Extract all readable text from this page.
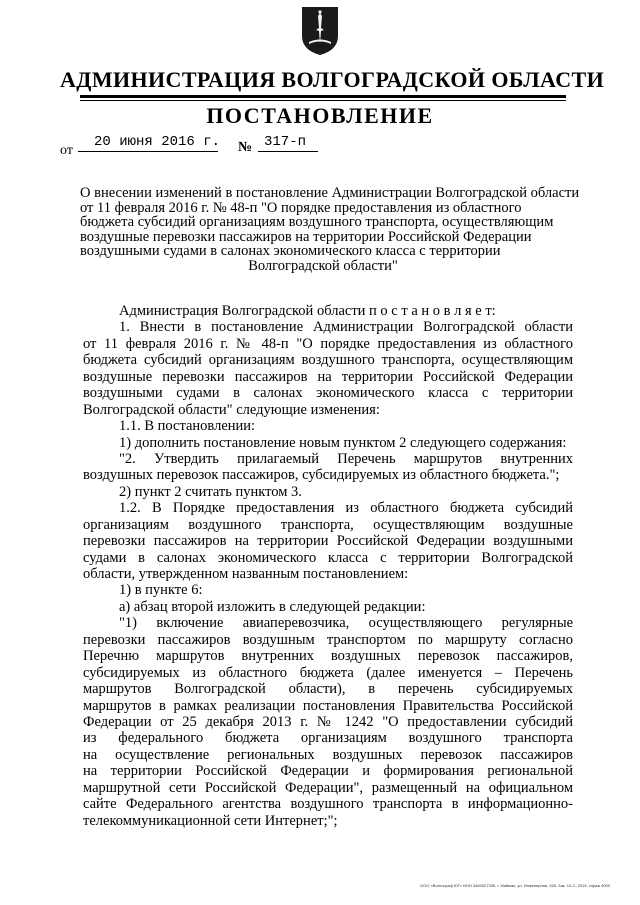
АДМИНИСТРАЦИЯ ВОЛГОГРАДСКОЙ ОБЛАСТИ
ПОСТАНОВЛЕНИЕ
от
20 июня 2016 г. № 317-п
О внесении изменений в постановление Администрации Волгоградской области
от 11 февраля 2016 г. № 48-п "О порядке предоставления из областного
бюджета субсидий организациям воздушного транспорта, осуществляющим
воздушные перевозки пассажиров на территории Российской Федерации
воздушными судами в салонах экономического класса с территории
Волгоградской области"
Администрация Волгоградской области п о с т а н о в л я е т:
1. Внести в постановление Администрации Волгоградской области
от 11 февраля 2016 г. № 48-п "О порядке предоставления из областного
бюджета субсидий организациям воздушного транспорта, осуществляющим
воздушные перевозки пассажиров на территории Российской Федерации
воздушными судами в салонах экономического класса с территории
Волгоградской области" следующие изменения:
1.1. В постановлении:
1) дополнить постановление новым пунктом 2 следующего содержания:
"2. Утвердить прилагаемый Перечень маршрутов внутренних
воздушных перевозок пассажиров, субсидируемых из областного бюджета.";
2) пункт 2 считать пунктом 3.
1.2. В Порядке предоставления из областного бюджета субсидий
организациям воздушного транспорта, осуществляющим воздушные
перевозки пассажиров на территории Российской Федерации воздушными
судами в салонах экономического класса с территории Волгоградской
области, утвержденном названным постановлением:
1) в пункте 6:
а) абзац второй изложить в следующей редакции:
"1) включение авиаперевозчика, осуществляющего регулярные
перевозки пассажиров воздушным транспортом по маршруту согласно
Перечню маршрутов внутренних воздушных перевозок пассажиров,
субсидируемых из областного бюджета (далее именуется – Перечень
маршрутов Волгоградской области), в перечень субсидируемых
маршрутов в рамках реализации постановления Правительства Российской
Федерации от 25 декабря 2013 г. № 1242 "О предоставлении субсидий
из федерального бюджета организациям воздушного транспорта
на осуществление региональных воздушных перевозок пассажиров
на территории Российской Федерации и формирования региональной
маршрутной сети Российской Федерации", размещенный на официальном
сайте Федерального агентства воздушного транспорта в информационно-
телекоммуникационной сети Интернет;";
ООО «Волгограф ЮГ» ИНН 3460027339, г. Маймак, ул. Инженерная, 265. Зак. 10-С, 2015, тираж 4000
